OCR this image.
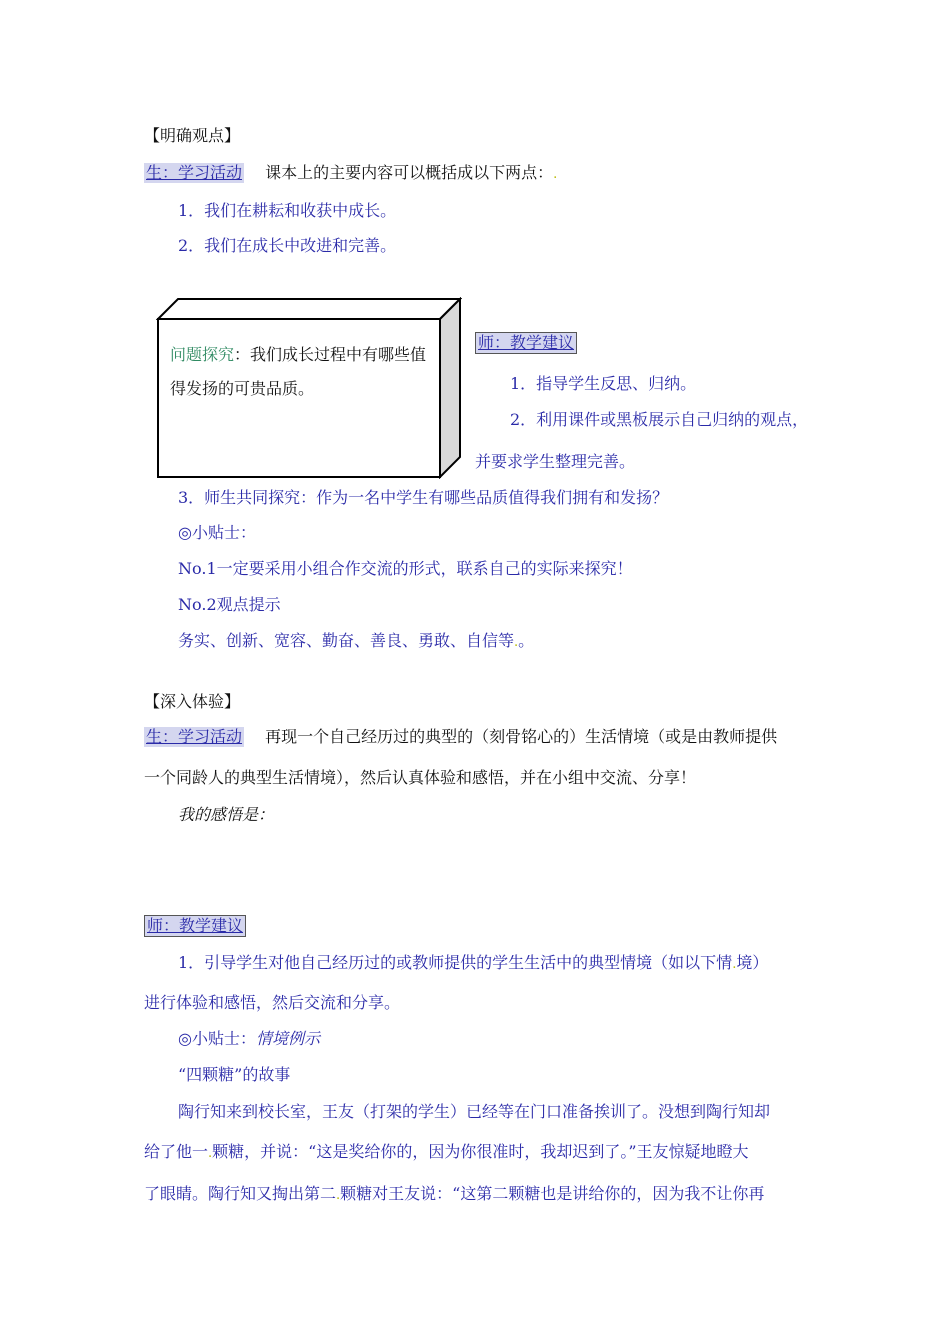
【明确观点】
生：学习活动 课本上的主要内容可以概括成以下两点：.
1．我们在耕耘和收获中成长。
2．我们在成长中改进和完善。
问题探究：我们成长过程中有哪些值得发扬的可贵品质。
师：教学建议
1．指导学生反思、归纳。
2．利用课件或黑板展示自己归纳的观点，
并要求学生整理完善。
3．师生共同探究：作为一名中学生有哪些品质值得我们拥有和发扬？
◎小贴士：
No.1一定要采用小组合作交流的形式，联系自己的实际来探究！
No.2观点提示
务实、创新、宽容、勤奋、善良、勇敢、自信等.。
【深入体验】
生：学习活动 再现一个自己经历过的典型的（刻骨铭心的）生活情境（或是由教师提供
一个同龄人的典型生活情境），然后认真体验和感悟，并在小组中交流、分享！
我的感悟是：
师：教学建议
1．引导学生对他自己经历过的或教师提供的学生生活中的典型情境（如以下情.境）
进行体验和感悟，然后交流和分享。
◎小贴士：情境例示
“四颗糖”的故事
陶行知来到校长室，王友（打架的学生）已经等在门口准备挨训了。没想到陶行知却
给了他一.颗糖，并说：“这是奖给你的，因为你很准时，我却迟到了。”王友惊疑地瞪大
了眼睛。陶行知又掏出第二.颗糖对王友说：“这第二颗糖也是讲给你的，因为我不让你再
